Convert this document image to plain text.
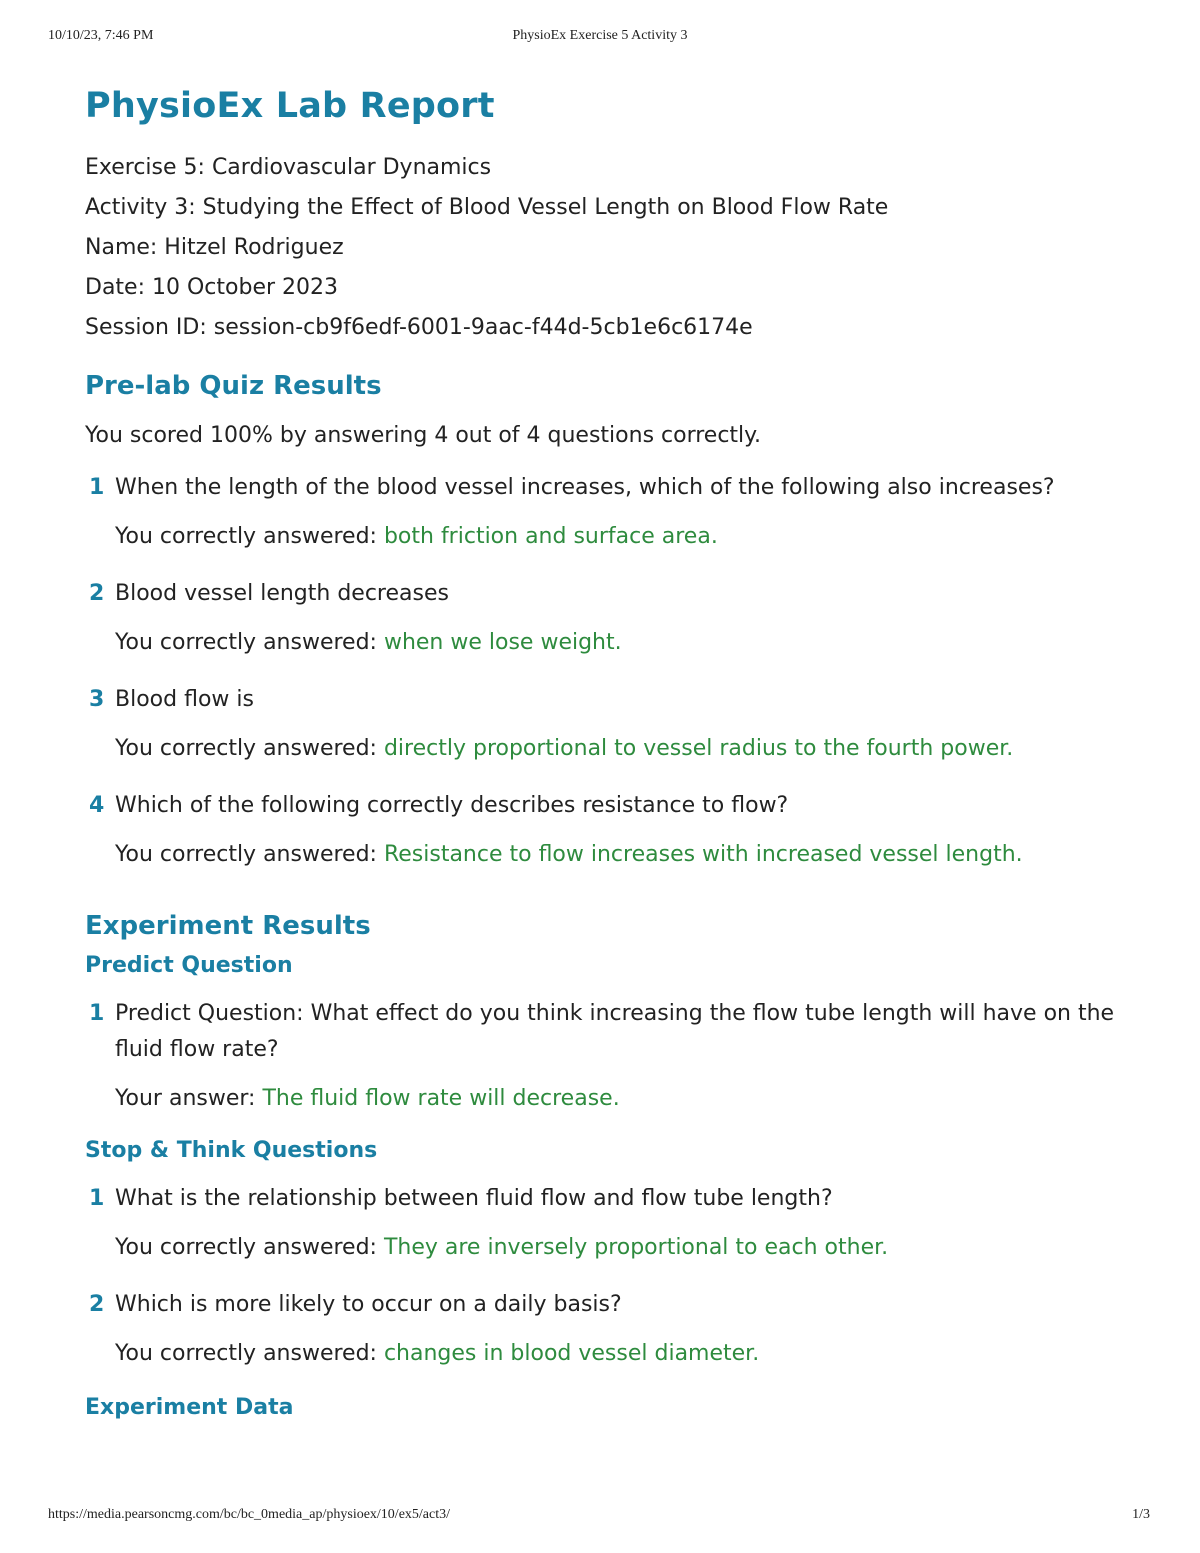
10/10/23, 7:46 PM	PhysioEx Exercise 5 Activity 3
PhysioEx Lab Report
Exercise 5: Cardiovascular Dynamics
Activity 3: Studying the Effect of Blood Vessel Length on Blood Flow Rate
Name: Hitzel Rodriguez
Date: 10 October 2023
Session ID: session-cb9f6edf-6001-9aac-f44d-5cb1e6c6174e
Pre-lab Quiz Results
You scored 100% by answering 4 out of 4 questions correctly.
1 When the length of the blood vessel increases, which of the following also increases?
You correctly answered: both friction and surface area.
2 Blood vessel length decreases
You correctly answered: when we lose weight.
3 Blood flow is
You correctly answered: directly proportional to vessel radius to the fourth power.
4 Which of the following correctly describes resistance to flow?
You correctly answered: Resistance to flow increases with increased vessel length.
Experiment Results
Predict Question
1 Predict Question: What effect do you think increasing the flow tube length will have on the fluid flow rate?
Your answer: The fluid flow rate will decrease.
Stop & Think Questions
1 What is the relationship between fluid flow and flow tube length?
You correctly answered: They are inversely proportional to each other.
2 Which is more likely to occur on a daily basis?
You correctly answered: changes in blood vessel diameter.
Experiment Data
https://media.pearsoncmg.com/bc/bc_0media_ap/physioex/10/ex5/act3/	1/3
